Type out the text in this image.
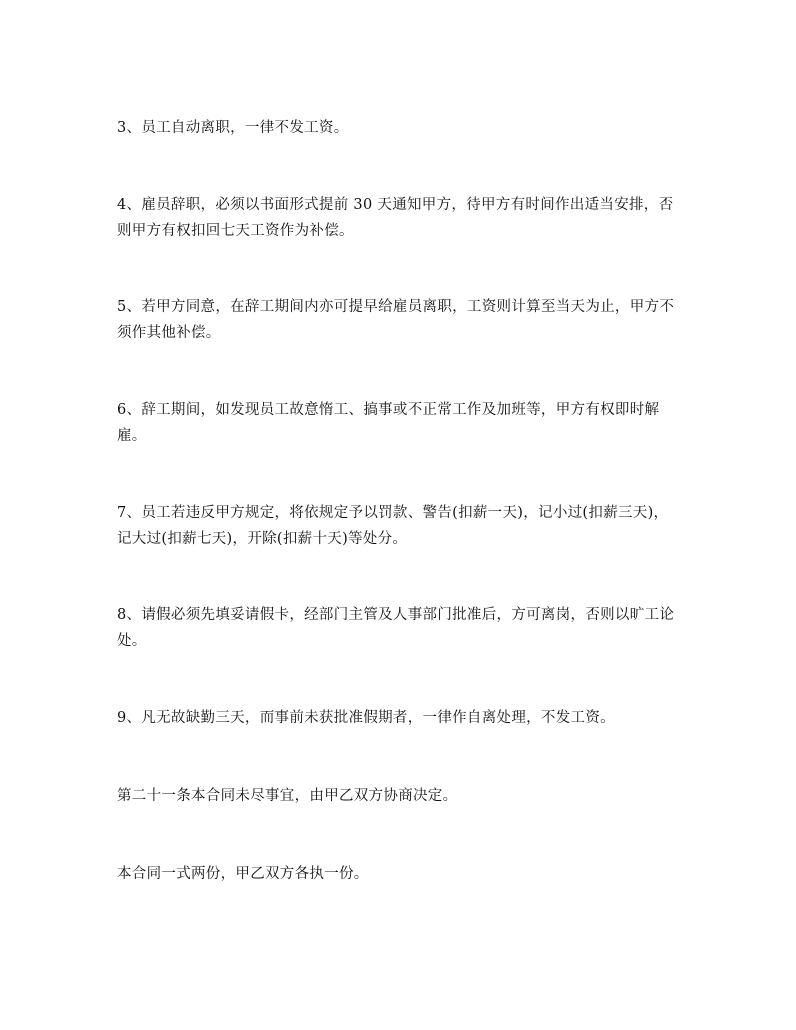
3、员工自动离职，一律不发工资。

4、雇员辞职，必须以书面形式提前 30 天通知甲方，待甲方有时间作出适当安排，否则甲方有权扣回七天工资作为补偿。

5、若甲方同意，在辞工期间内亦可提早给雇员离职，工资则计算至当天为止，甲方不须作其他补偿。

6、辞工期间，如发现员工故意惰工、搞事或不正常工作及加班等，甲方有权即时解雇。

7、员工若违反甲方规定，将依规定予以罚款、警告(扣薪一天)，记小过(扣薪三天)，记大过(扣薪七天)，开除(扣薪十天)等处分。

8、请假必须先填妥请假卡，经部门主管及人事部门批准后，方可离岗，否则以旷工论处。

9、凡无故缺勤三天，而事前未获批准假期者，一律作自离处理，不发工资。

第二十一条本合同未尽事宜，由甲乙双方协商决定。

本合同一式两份，甲乙双方各执一份。
